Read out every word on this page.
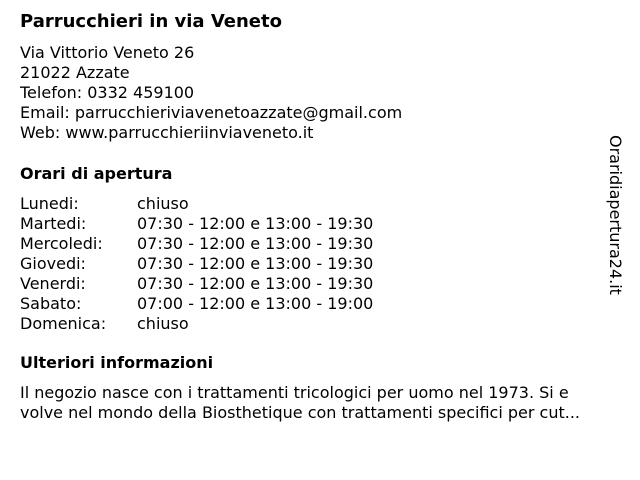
Parrucchieri in via Veneto
Via Vittorio Veneto 26
21022 Azzate
Telefon: 0332 459100
Email: parrucchieriviavenetoazzate@gmail.com
Web: www.parrucchieriinviaveneto.it
Orari di apertura
Lunedi:	chiuso
Martedi:	07:30 - 12:00 e 13:00 - 19:30
Mercoledi:	07:30 - 12:00 e 13:00 - 19:30
Giovedi:	07:30 - 12:00 e 13:00 - 19:30
Venerdi:	07:30 - 12:00 e 13:00 - 19:30
Sabato:	07:00 - 12:00 e 13:00 - 19:00
Domenica:	chiuso
Ulteriori informazioni
Il negozio nasce con i trattamenti tricologici per uomo nel 1973. Si e
volve nel mondo della Biosthetique con trattamenti specifici per cut...
Oraridiapertura24.it
